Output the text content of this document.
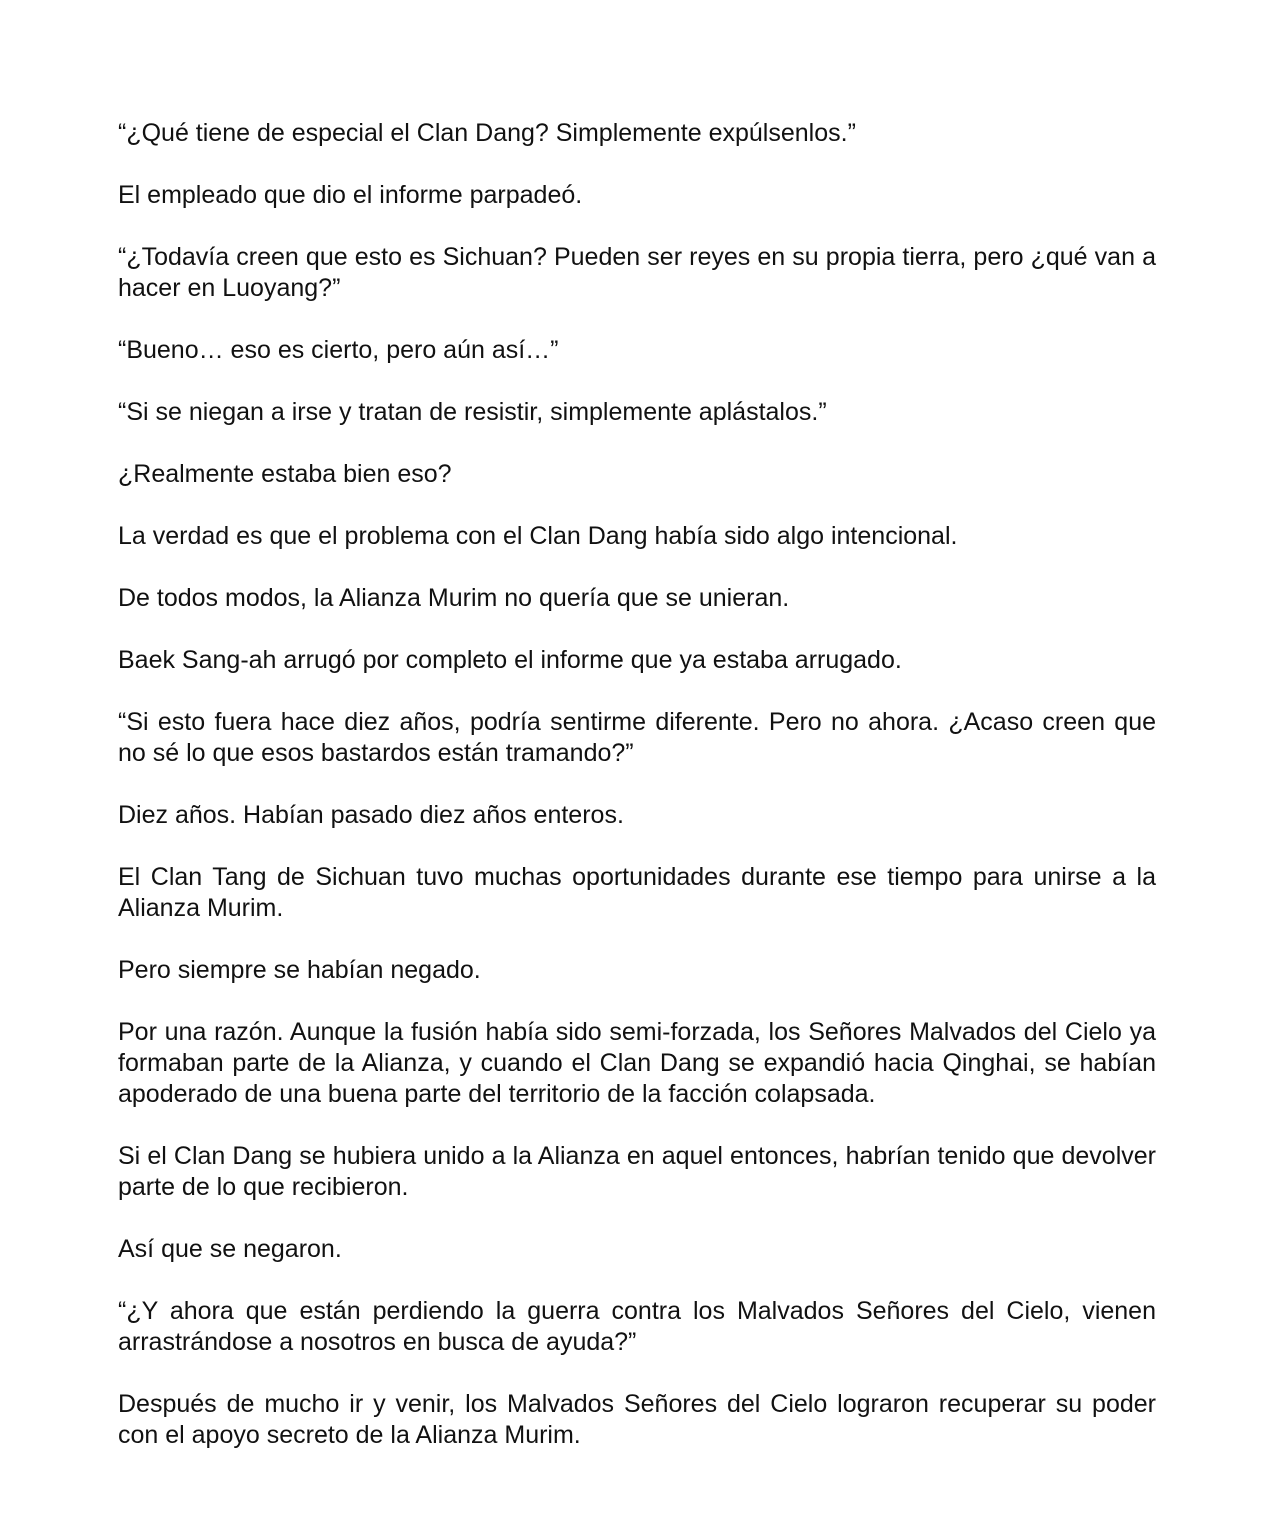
“¿Qué tiene de especial el Clan Dang? Simplemente expúlsenlos.”

El empleado que dio el informe parpadeó.

“¿Todavía creen que esto es Sichuan? Pueden ser reyes en su propia tierra, pero ¿qué van a hacer en Luoyang?”

“Bueno… eso es cierto, pero aún así…”

“Si se niegan a irse y tratan de resistir, simplemente aplástalos.”

¿Realmente estaba bien eso?

La verdad es que el problema con el Clan Dang había sido algo intencional.

De todos modos, la Alianza Murim no quería que se unieran.

Baek Sang-ah arrugó por completo el informe que ya estaba arrugado.

“Si esto fuera hace diez años, podría sentirme diferente. Pero no ahora. ¿Acaso creen que no sé lo que esos bastardos están tramando?”

Diez años. Habían pasado diez años enteros.

El Clan Tang de Sichuan tuvo muchas oportunidades durante ese tiempo para unirse a la Alianza Murim.

Pero siempre se habían negado.

Por una razón. Aunque la fusión había sido semi-forzada, los Señores Malvados del Cielo ya formaban parte de la Alianza, y cuando el Clan Dang se expandió hacia Qinghai, se habían apoderado de una buena parte del territorio de la facción colapsada.

Si el Clan Dang se hubiera unido a la Alianza en aquel entonces, habrían tenido que devolver parte de lo que recibieron.

Así que se negaron.

“¿Y ahora que están perdiendo la guerra contra los Malvados Señores del Cielo, vienen arrastrándose a nosotros en busca de ayuda?”

Después de mucho ir y venir, los Malvados Señores del Cielo lograron recuperar su poder con el apoyo secreto de la Alianza Murim.
